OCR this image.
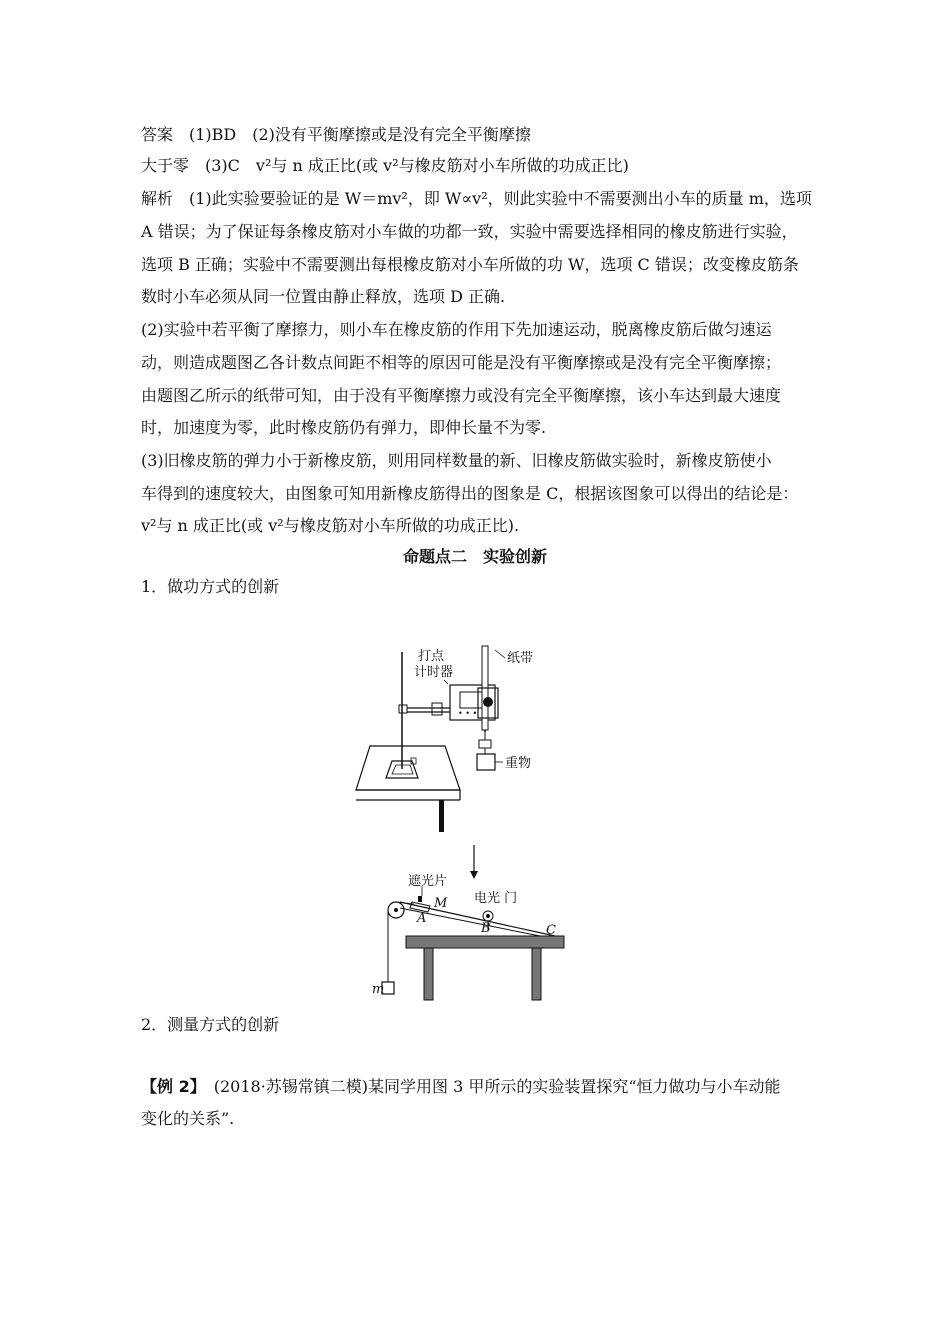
答案　(1)BD　(2)没有平衡摩擦或是没有完全平衡摩擦
大于零　(3)C　v²与 n 成正比(或 v²与橡皮筋对小车所做的功成正比)
解析　(1)此实验要验证的是 W＝mv²，即 W∝v²，则此实验中不需要测出小车的质量 m，选项
A 错误；为了保证每条橡皮筋对小车做的功都一致，实验中需要选择相同的橡皮筋进行实验，
选项 B 正确；实验中不需要测出每根橡皮筋对小车所做的功 W，选项 C 错误；改变橡皮筋条
数时小车必须从同一位置由静止释放，选项 D 正确.
(2)实验中若平衡了摩擦力，则小车在橡皮筋的作用下先加速运动，脱离橡皮筋后做匀速运
动，则造成题图乙各计数点间距不相等的原因可能是没有平衡摩擦或是没有完全平衡摩擦；
由题图乙所示的纸带可知，由于没有平衡摩擦力或没有完全平衡摩擦，该小车达到最大速度
时，加速度为零，此时橡皮筋仍有弹力，即伸长量不为零.
(3)旧橡皮筋的弹力小于新橡皮筋，则用同样数量的新、旧橡皮筋做实验时，新橡皮筋使小
车得到的速度较大，由图象可知用新橡皮筋得出的图象是 C，根据该图象可以得出的结论是：
v²与 n 成正比(或 v²与橡皮筋对小车所做的功成正比).
命题点二　实验创新
1．做功方式的创新
• • •
打点
计时器
纸带
重物
遮光片
电光 门
M
A
B	C
m
2．测量方式的创新
【例 2】　(2018·苏锡常镇二模)某同学用图 3 甲所示的实验装置探究“恒力做功与小车动能
变化的关系”.
